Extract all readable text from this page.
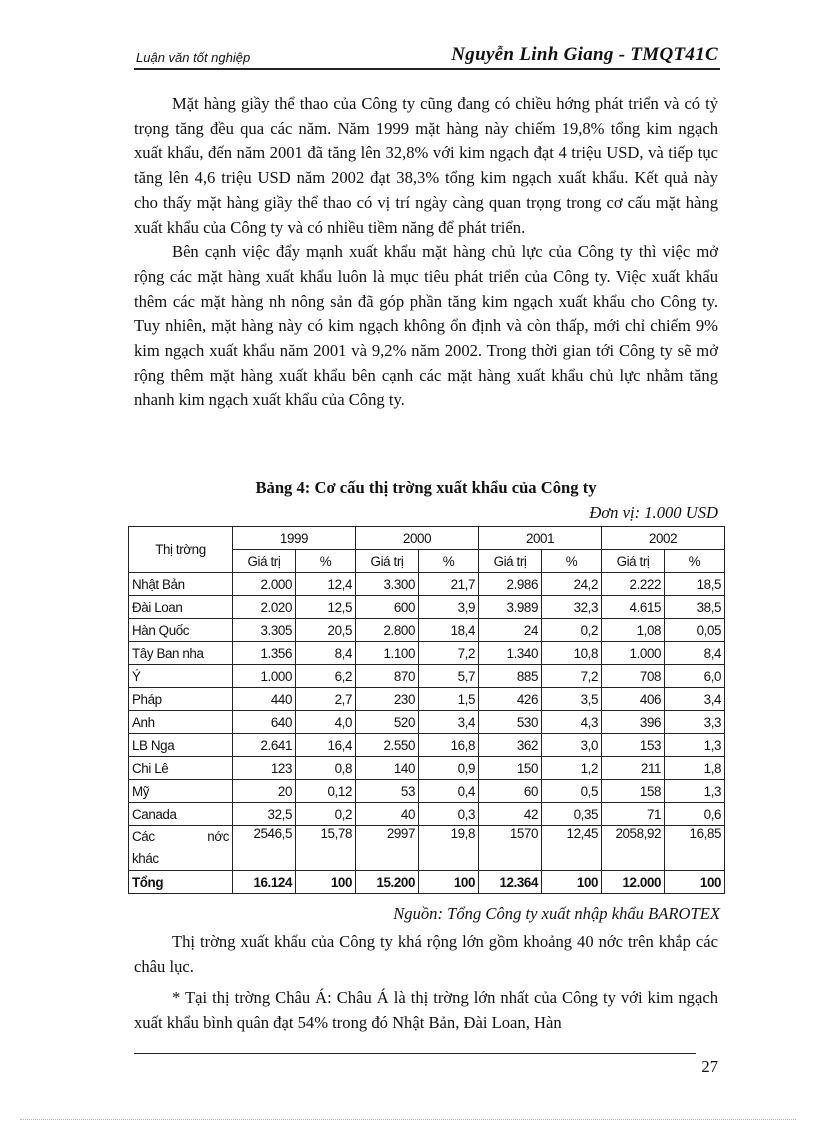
Luận văn tốt nghiệp	Nguyễn Linh Giang - TMQT41C

Mặt hàng giầy thể thao của Công ty cũng đang có chiều hớng phát triển và có tỷ trọng tăng đều qua các năm. Năm 1999 mặt hàng này chiếm 19,8% tổng kim ngạch xuất khẩu, đến năm 2001 đã tăng lên 32,8% với kim ngạch đạt 4 triệu USD, và tiếp tục tăng lên 4,6 triệu USD năm 2002 đạt 38,3% tổng kim ngạch xuất khẩu. Kết quả này cho thấy mặt hàng giầy thể thao có vị trí ngày càng quan trọng trong cơ cấu mặt hàng xuất khẩu của Công ty và có nhiều tiềm năng để phát triển.

Bên cạnh việc đẩy mạnh xuất khẩu mặt hàng chủ lực của Công ty thì việc mở rộng các mặt hàng xuất khẩu luôn là mục tiêu phát triển của Công ty. Việc xuất khẩu thêm các mặt hàng nh nông sản đã góp phần tăng kim ngạch xuất khẩu cho Công ty. Tuy nhiên, mặt hàng này có kim ngạch không ổn định và còn thấp, mới chỉ chiếm 9% kim ngạch xuất khẩu năm 2001 và 9,2% năm 2002. Trong thời gian tới Công ty sẽ mở rộng thêm mặt hàng xuất khẩu bên cạnh các mặt hàng xuất khẩu chủ lực nhằm tăng nhanh kim ngạch xuất khẩu của Công ty.

Bảng 4: Cơ cấu thị trờng xuất khẩu của Công ty
Đơn vị: 1.000 USD
Thị trờng	1999		2000		2001		2002	
	Giá trị	%	Giá trị	%	Giá trị	%	Giá trị	%
Nhật Bản	2.000	12,4	3.300	21,7	2.986	24,2	2.222	18,5
Đài Loan	2.020	12,5	600	3,9	3.989	32,3	4.615	38,5
Hàn Quốc	3.305	20,5	2.800	18,4	24	0,2	1,08	0,05
Tây Ban nha	1.356	8,4	1.100	7,2	1.340	10,8	1.000	8,4
Ý	1.000	6,2	870	5,7	885	7,2	708	6,0
Pháp	440	2,7	230	1,5	426	3,5	406	3,4
Anh	640	4,0	520	3,4	530	4,3	396	3,3
LB Nga	2.641	16,4	2.550	16,8	362	3,0	153	1,3
Chi Lê	123	0,8	140	0,9	150	1,2	211	1,8
Mỹ	20	0,12	53	0,4	60	0,5	158	1,3
Canada	32,5	0,2	40	0,3	42	0,35	71	0,6

Các nớc
khác	2546,5	15,78	2997	19,8	1570	12,45	2058,92	16,85
Tổng	16.124	100	15.200	100	12.364	100	12.000	100
Nguồn: Tổng Công ty xuất nhập khẩu BAROTEX

Thị trờng xuất khẩu của Công ty khá rộng lớn gồm khoảng 40 nớc trên khắp các châu lục.

* Tại thị trờng Châu Á: Châu Á là thị trờng lớn nhất của Công ty với kim ngạch xuất khẩu bình quân đạt 54% trong đó Nhật Bản, Đài Loan, Hàn

27
